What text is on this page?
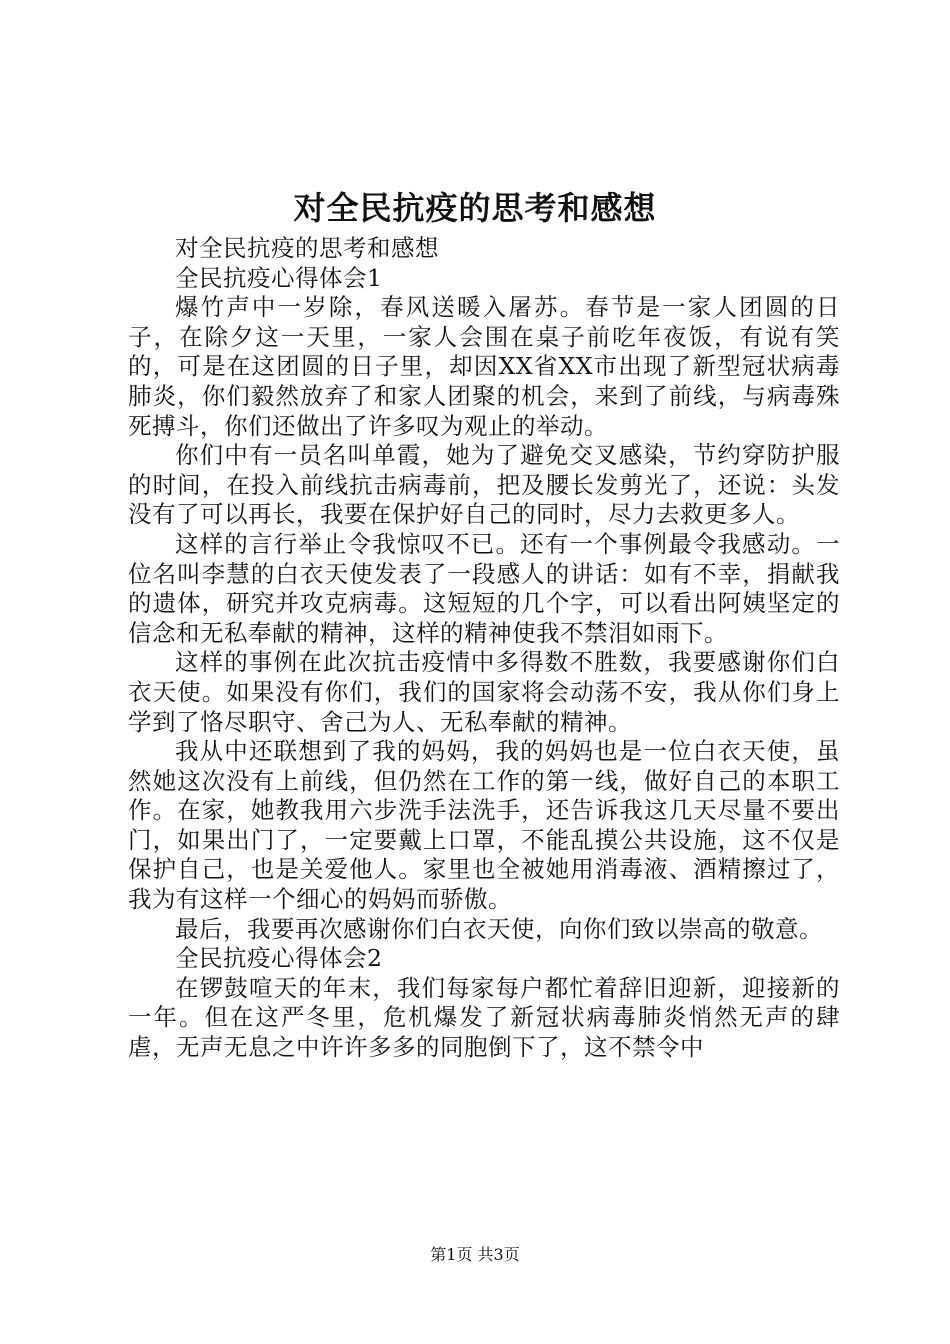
对全民抗疫的思考和感想

对全民抗疫的思考和感想

全民抗疫心得体会1

爆竹声中一岁除，春风送暖入屠苏。春节是一家人团圆的日子，在除夕这一天里，一家人会围在桌子前吃年夜饭，有说有笑的，可是在这团圆的日子里，却因XX省XX市出现了新型冠状病毒肺炎，你们毅然放弃了和家人团聚的机会，来到了前线，与病毒殊死搏斗，你们还做出了许多叹为观止的举动。

你们中有一员名叫单霞，她为了避免交叉感染，节约穿防护服的时间，在投入前线抗击病毒前，把及腰长发剪光了，还说：头发没有了可以再长，我要在保护好自己的同时，尽力去救更多人。

这样的言行举止令我惊叹不已。还有一个事例最令我感动。一位名叫李慧的白衣天使发表了一段感人的讲话：如有不幸，捐献我的遗体，研究并攻克病毒。这短短的几个字，可以看出阿姨坚定的信念和无私奉献的精神，这样的精神使我不禁泪如雨下。

这样的事例在此次抗击疫情中多得数不胜数，我要感谢你们白衣天使。如果没有你们，我们的国家将会动荡不安，我从你们身上学到了恪尽职守、舍己为人、无私奉献的精神。

我从中还联想到了我的妈妈，我的妈妈也是一位白衣天使，虽然她这次没有上前线，但仍然在工作的第一线，做好自己的本职工作。在家，她教我用六步洗手法洗手，还告诉我这几天尽量不要出门，如果出门了，一定要戴上口罩，不能乱摸公共设施，这不仅是保护自己，也是关爱他人。家里也全被她用消毒液、酒精擦过了，我为有这样一个细心的妈妈而骄傲。

最后，我要再次感谢你们白衣天使，向你们致以崇高的敬意。

全民抗疫心得体会2

在锣鼓喧天的年末，我们每家每户都忙着辞旧迎新，迎接新的一年。但在这严冬里，危机爆发了新冠状病毒肺炎悄然无声的肆虐，无声无息之中许许多多的同胞倒下了，这不禁令中

第1页 共3页
